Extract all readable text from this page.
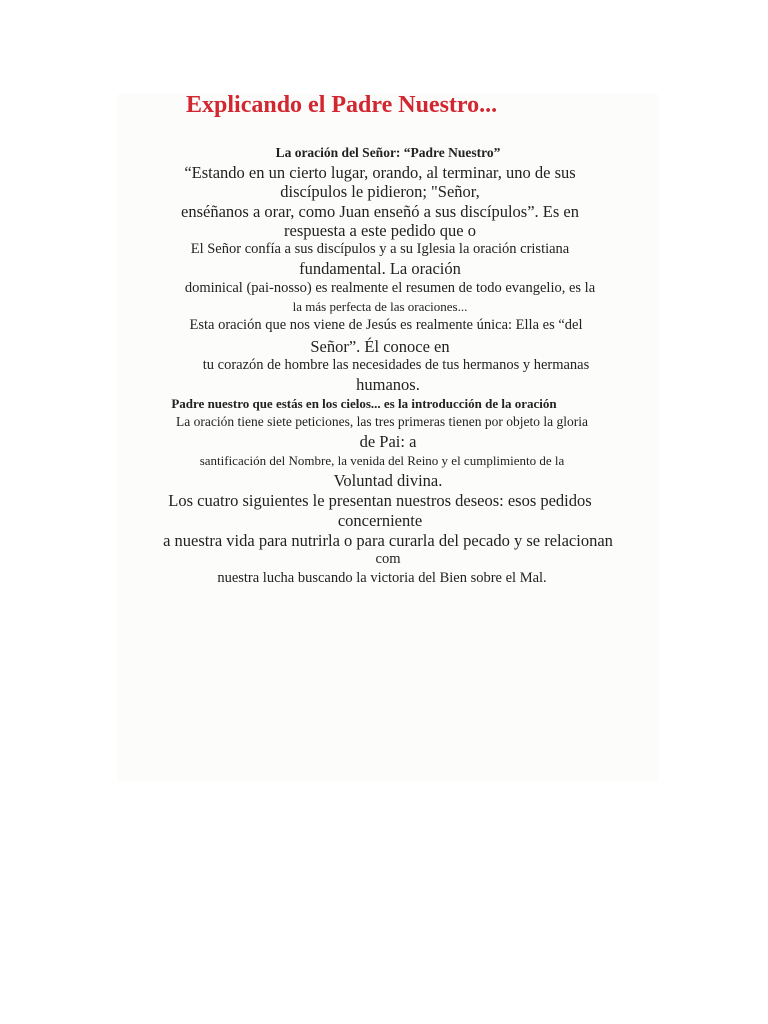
Explicando el Padre Nuestro...
La oración del Señor: “Padre Nuestro”
“Estando en un cierto lugar, orando, al terminar, uno de sus
discípulos le pidieron; "Señor,
enséñanos a orar, como Juan enseñó a sus discípulos”. Es en
respuesta a este pedido que o
El Señor confía a sus discípulos y a su Iglesia la oración cristiana
fundamental. La oración
dominical (pai-nosso) es realmente el resumen de todo evangelio, es la
la más perfecta de las oraciones...
Esta oración que nos viene de Jesús es realmente única: Ella es “del
Señor”. Él conoce en
tu corazón de hombre las necesidades de tus hermanos y hermanas
humanos.
Padre nuestro que estás en los cielos... es la introducción de la oración
La oración tiene siete peticiones, las tres primeras tienen por objeto la gloria
de Pai: a
santificación del Nombre, la venida del Reino y el cumplimiento de la
Voluntad divina.
Los cuatro siguientes le presentan nuestros deseos: esos pedidos
concerniente
a nuestra vida para nutrirla o para curarla del pecado y se relacionan
com
nuestra lucha buscando la victoria del Bien sobre el Mal.
